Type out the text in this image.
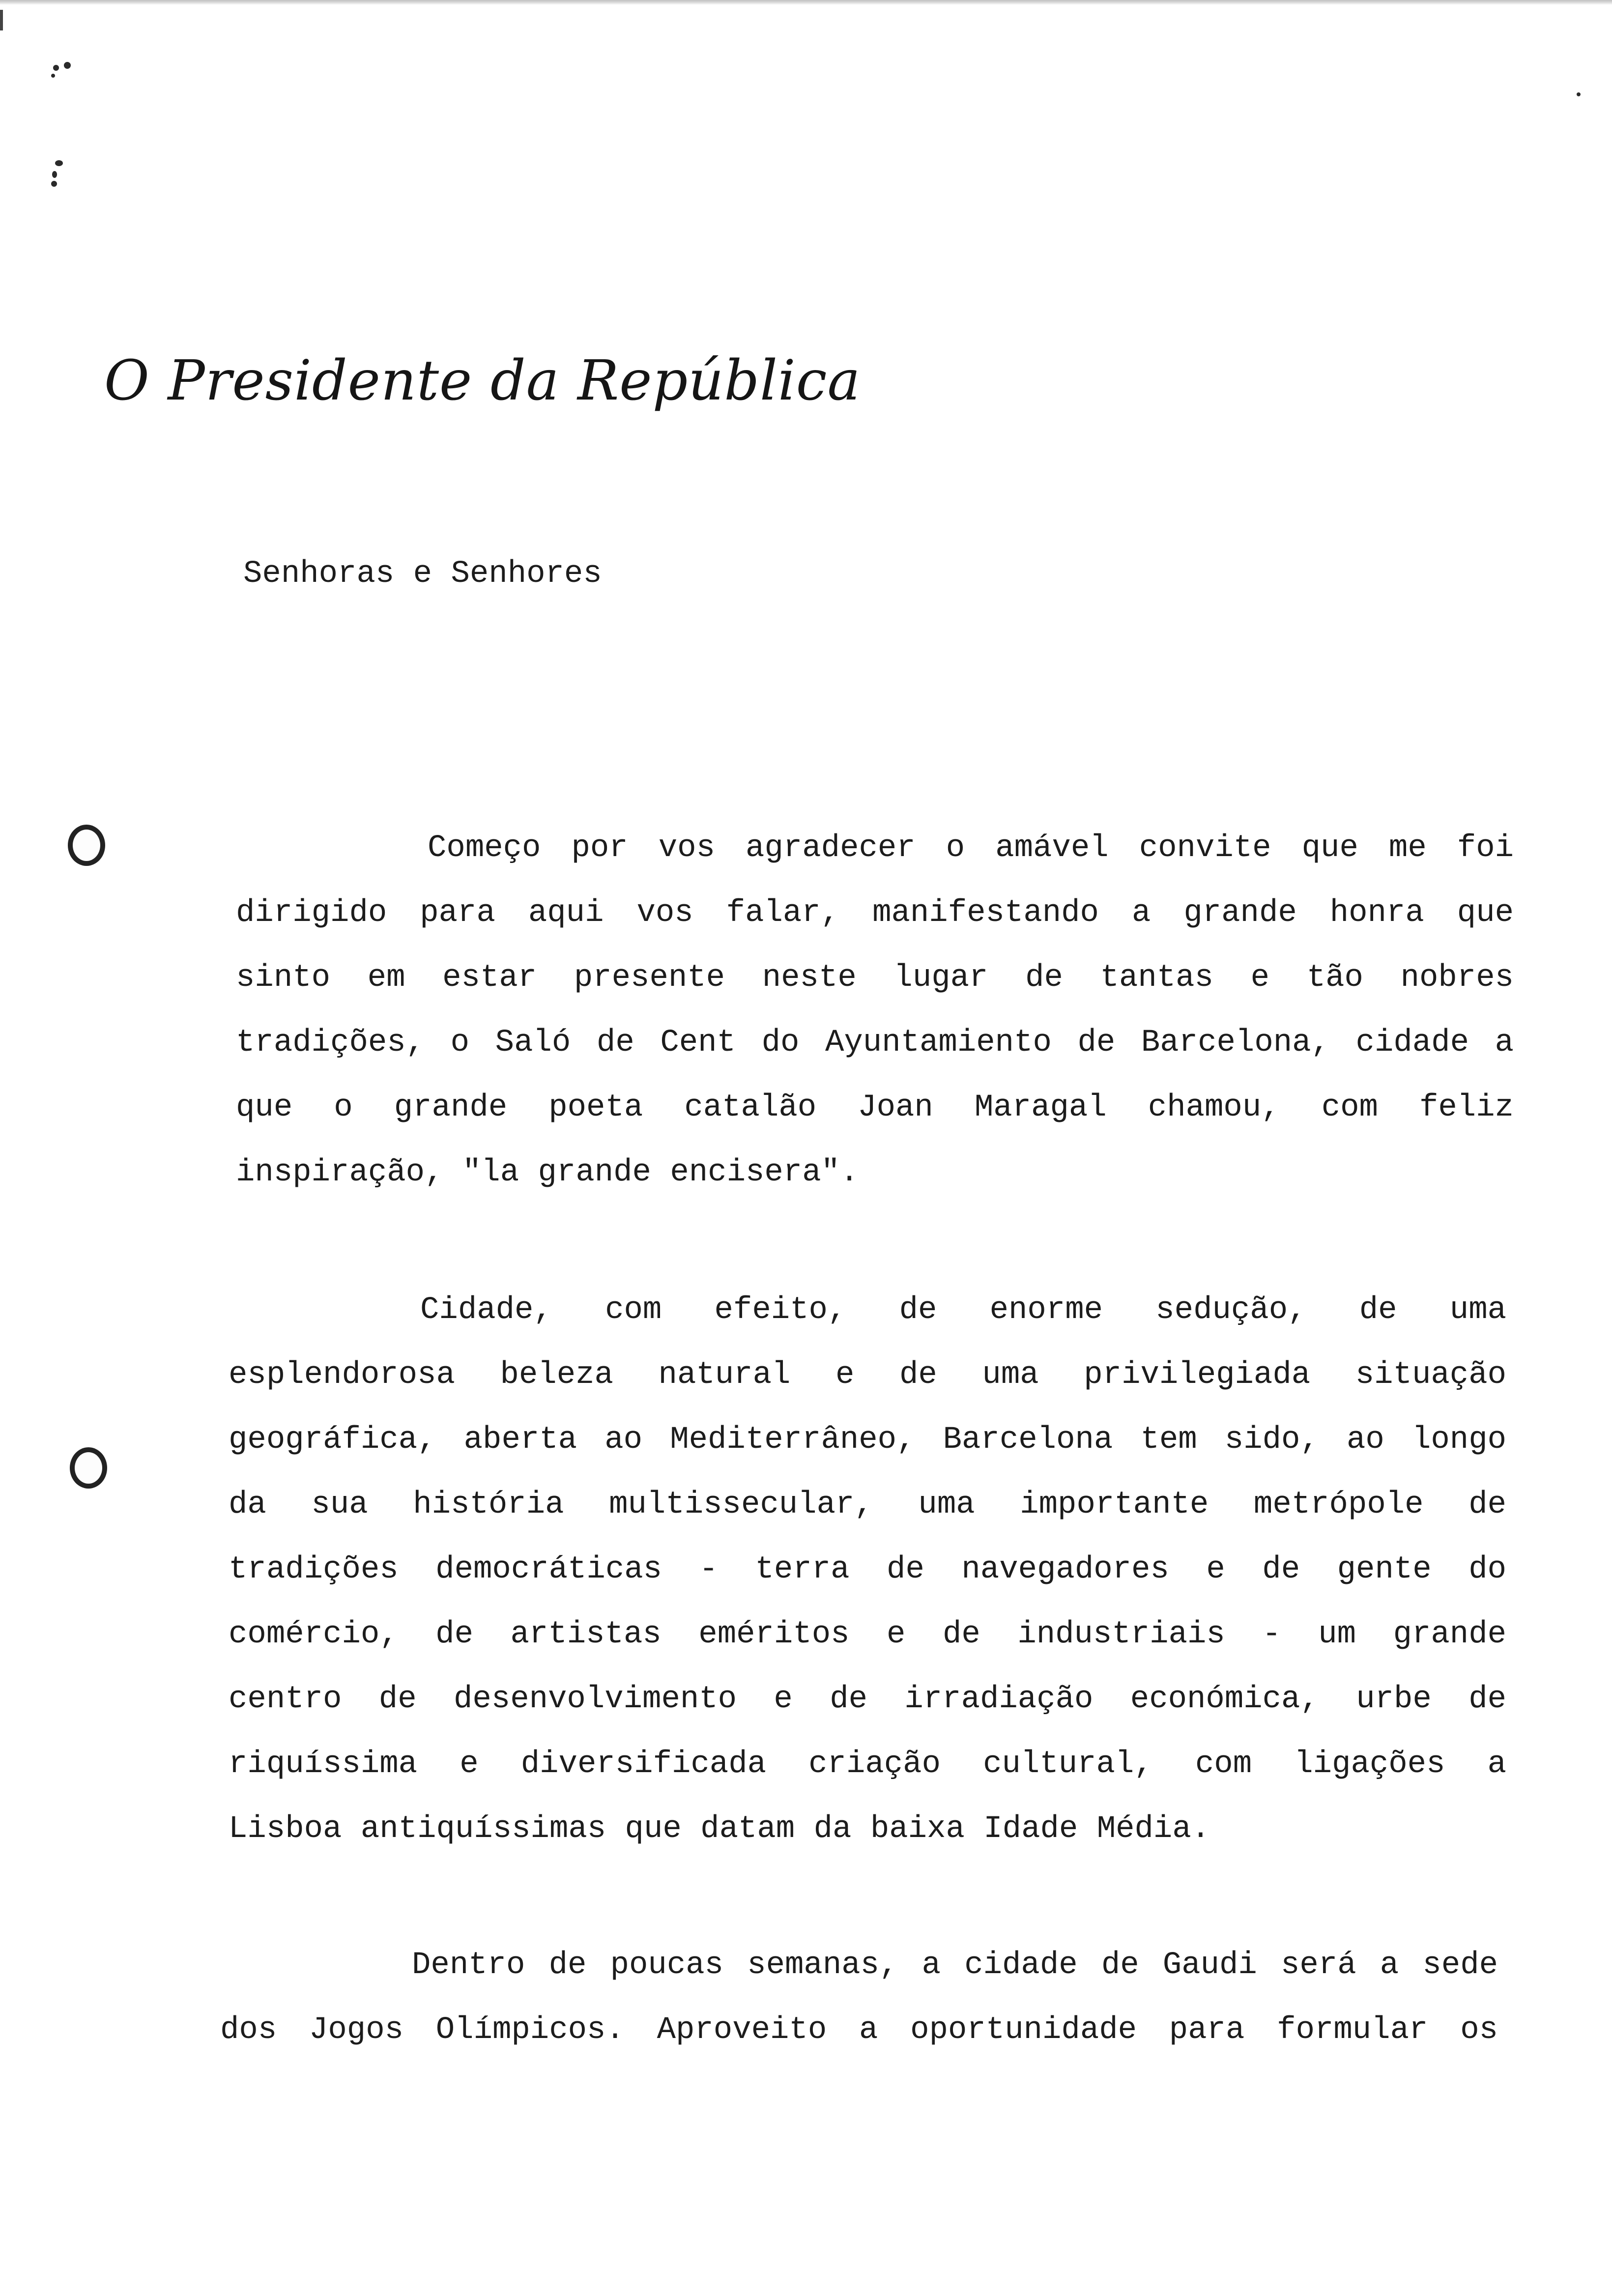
O Presidente da República
Senhoras e Senhores
Começo por vos agradecer o amável convite que me foi
dirigido para aqui vos falar, manifestando a grande honra que
sinto em estar presente neste lugar de tantas e tão nobres
tradições, o Saló de Cent do Ayuntamiento de Barcelona, cidade a
que o grande poeta catalão Joan Maragal chamou, com feliz
inspiração, "la grande encisera".
Cidade, com efeito, de enorme sedução, de uma
esplendorosa beleza natural e de uma privilegiada situação
geográfica, aberta ao Mediterrâneo, Barcelona tem sido, ao longo
da sua história multissecular, uma importante metrópole de
tradições democráticas - terra de navegadores e de gente do
comércio, de artistas eméritos e de industriais - um grande
centro de desenvolvimento e de irradiação económica, urbe de
riquíssima e diversificada criação cultural, com ligações a
Lisboa antiquíssimas que datam da baixa Idade Média.
Dentro de poucas semanas, a cidade de Gaudi será a sede
dos Jogos Olímpicos. Aproveito a oportunidade para formular os
